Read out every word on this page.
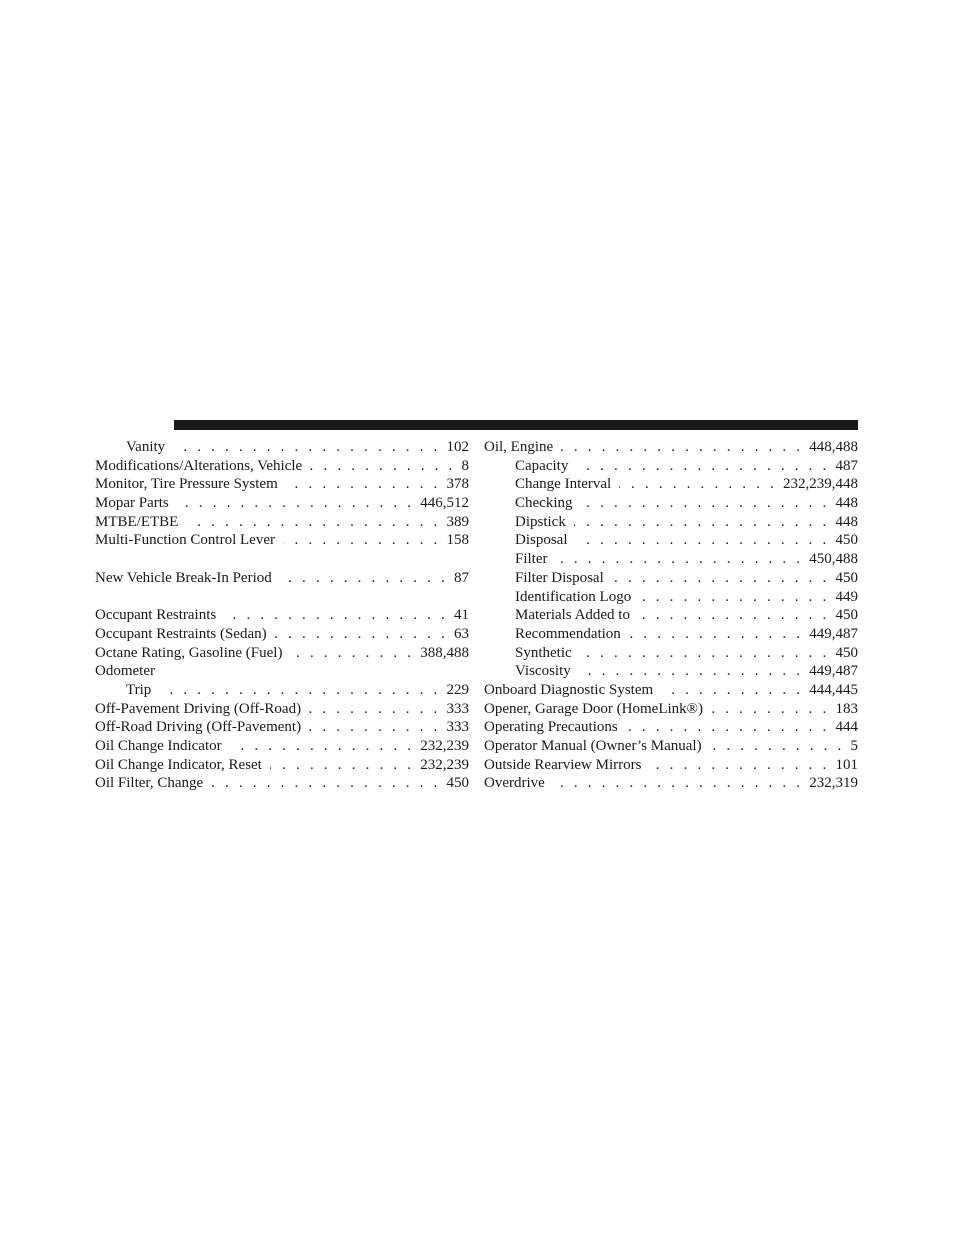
Vanity . . .	102
Modifications/Alterations, Vehicle . . .	8
Monitor, Tire Pressure System . . .	378
Mopar Parts . . .	446,512
MTBE/ETBE . . .	389
Multi-Function Control Lever . . .	158
New Vehicle Break-In Period . . .	87
Occupant Restraints . . .	41
Occupant Restraints (Sedan) . . .	63
Octane Rating, Gasoline (Fuel) . . .	388,488
Odometer
Trip . . .	229
Off-Pavement Driving (Off-Road) . . .	333
Off-Road Driving (Off-Pavement) . . .	333
Oil Change Indicator . . .	232,239
Oil Change Indicator, Reset . . .	232,239
Oil Filter, Change . . .	450
Oil, Engine . . .	448,488
Capacity . . .	487
Change Interval . . .	232,239,448
Checking . . .	448
Dipstick . . .	448
Disposal . . .	450
Filter . . .	450,488
Filter Disposal . . .	450
Identification Logo . . .	449
Materials Added to . . .	450
Recommendation . . .	449,487
Synthetic . . .	450
Viscosity . . .	449,487
Onboard Diagnostic System . . .	444,445
Opener, Garage Door (HomeLink®) . . .	183
Operating Precautions . . .	444
Operator Manual (Owner’s Manual) . . .	5
Outside Rearview Mirrors . . .	101
Overdrive . . .	232,319
